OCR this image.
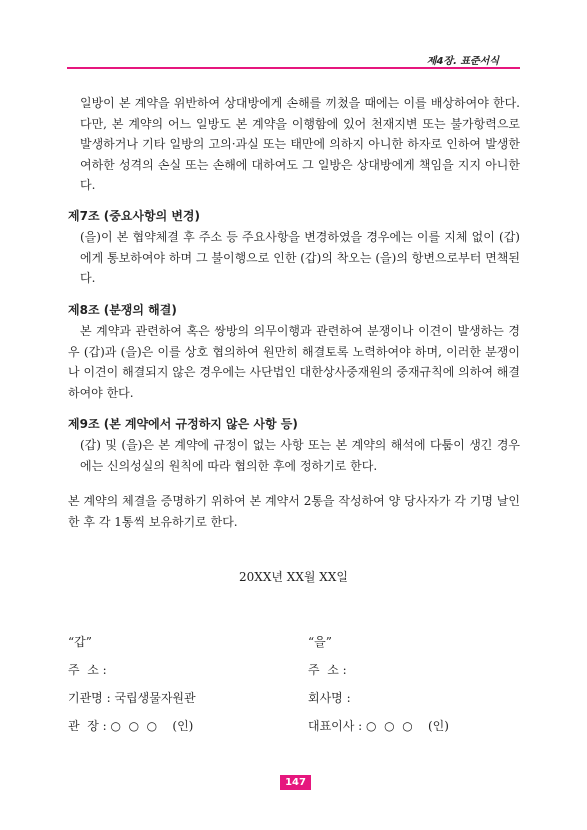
제4장. 표준서식

일방이 본 계약을 위반하여 상대방에게 손해를 끼쳤을 때에는 이를 배상하여야 한다. 다만, 본 계약의 어느 일방도 본 계약을 이행함에 있어 천재지변 또는 불가항력으로 발생하거나 기타 일방의 고의·과실 또는 태만에 의하지 아니한 하자로 인하여 발생한 여하한 성격의 손실 또는 손해에 대하여도 그 일방은 상대방에게 책임을 지지 아니한다.

제7조 (중요사항의 변경)

(을)이 본 협약체결 후 주소 등 주요사항을 변경하였을 경우에는 이를 지체 없이 (갑)에게 통보하여야 하며 그 불이행으로 인한 (갑)의 착오는 (을)의 항변으로부터 면책된다.

제8조 (분쟁의 해결)

본 계약과 관련하여 혹은 쌍방의 의무이행과 관련하여 분쟁이나 이견이 발생하는 경우 (갑)과 (을)은 이를 상호 협의하여 원만히 해결토록 노력하여야 하며, 이러한 분쟁이나 이견이 해결되지 않은 경우에는 사단법인 대한상사중재원의 중재규칙에 의하여 해결하여야 한다.

제9조 (본 계약에서 규정하지 않은 사항 등)

(갑) 및 (을)은 본 계약에 규정이 없는 사항 또는 본 계약의 해석에 다툼이 생긴 경우에는 신의성실의 원칙에 따라 협의한 후에 정하기로 한다.

본 계약의 체결을 증명하기 위하여 본 계약서 2통을 작성하여 양 당사자가 각 기명 날인한 후 각 1통씩 보유하기로 한다.

20XX년 XX월 XX일
“갑”
주  소 :
기관명 : 국립생물자원관
관  장 : ○  ○  ○    (인)
“을”
주  소 :
회사명 :
대표이사 : ○  ○  ○    (인)
147
